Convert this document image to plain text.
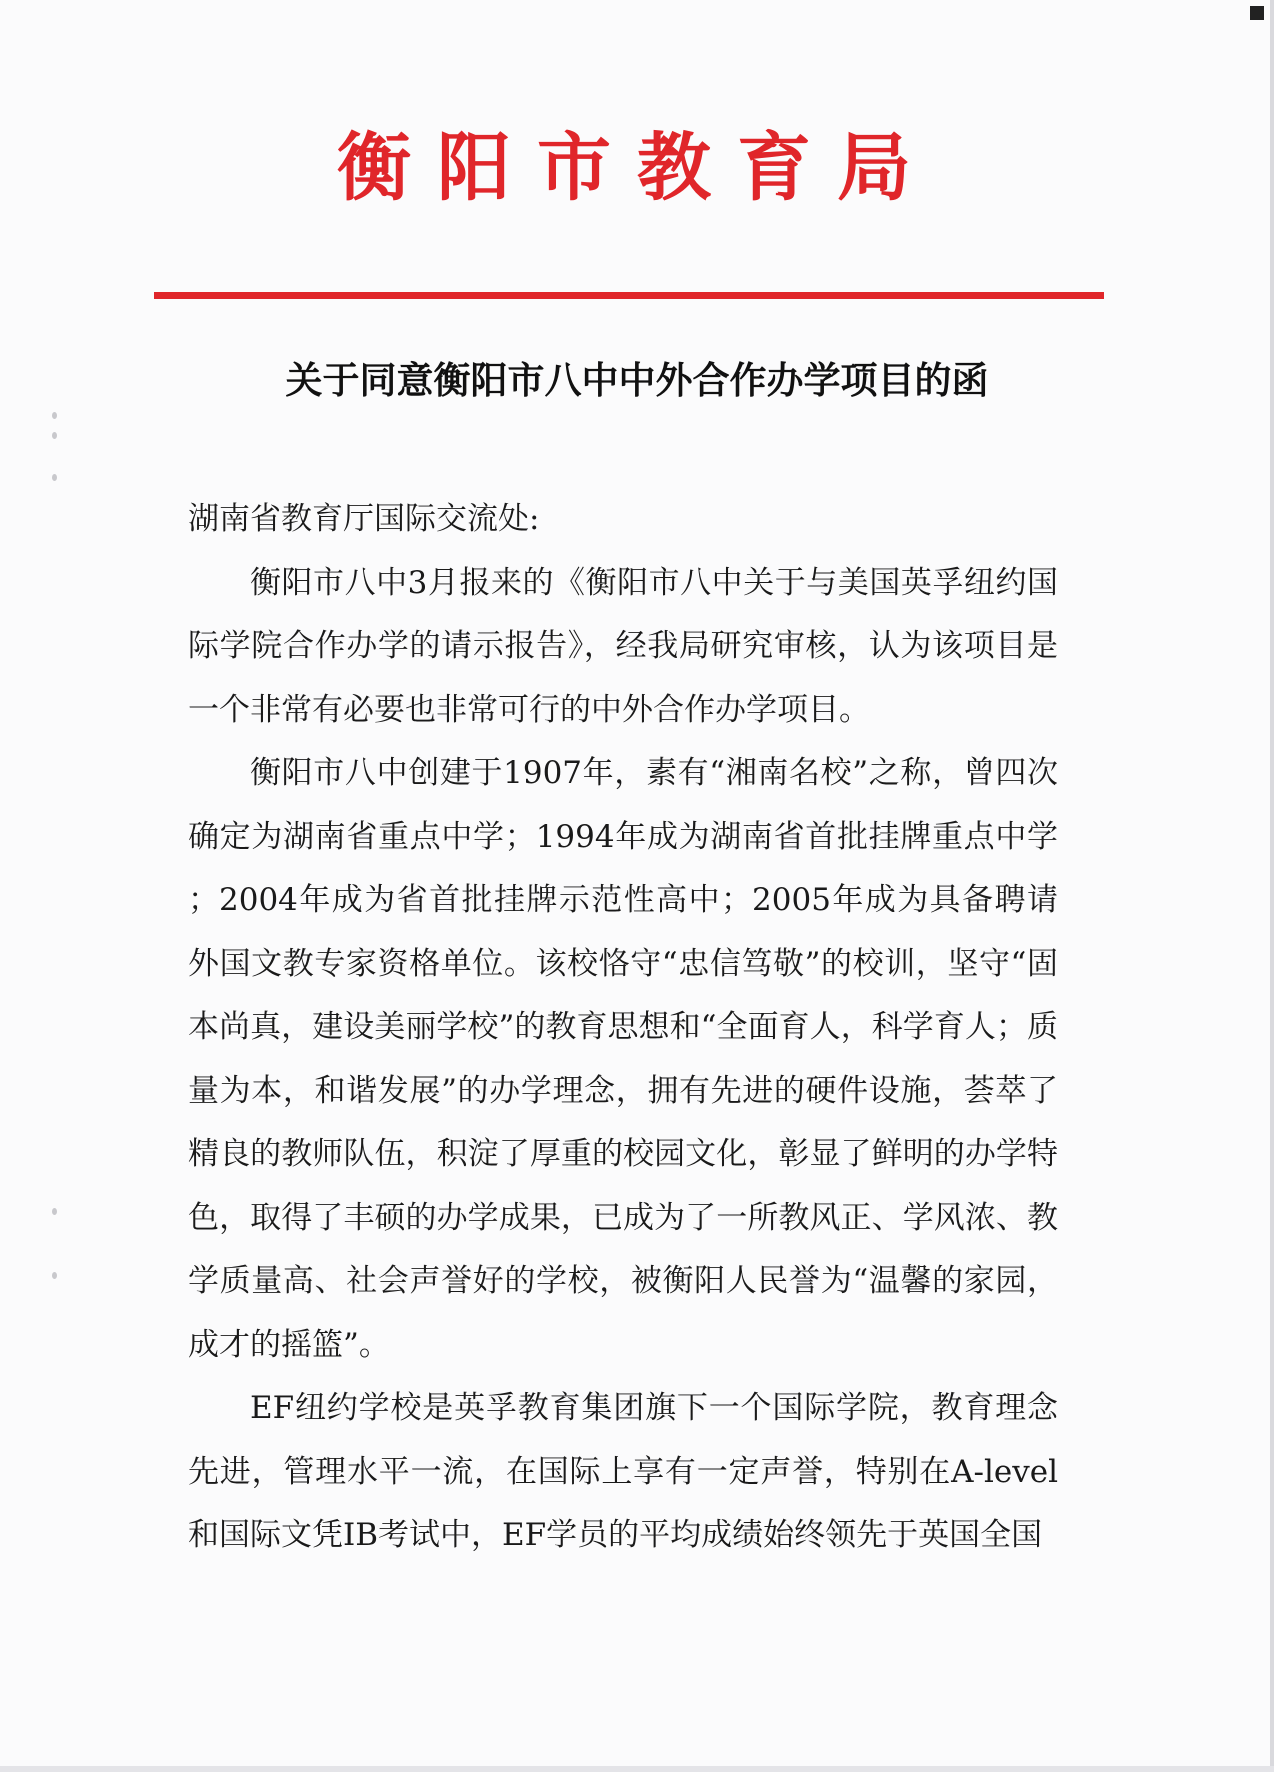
衡阳市教育局
关于同意衡阳市八中中外合作办学项目的函

湖南省教育厅国际交流处:

衡阳市八中3月报来的《衡阳市八中关于与美国英孚纽约国际学院合作办学的请示报告》，经我局研究审核，认为该项目是一个非常有必要也非常可行的中外合作办学项目。

衡阳市八中创建于1907年，素有“湘南名校”之称，曾四次确定为湖南省重点中学；1994年成为湖南省首批挂牌重点中学；2004年成为省首批挂牌示范性高中；2005年成为具备聘请外国文教专家资格单位。该校恪守“忠信笃敬”的校训，坚守“固本尚真，建设美丽学校”的教育思想和“全面育人，科学育人；质量为本，和谐发展”的办学理念，拥有先进的硬件设施，荟萃了精良的教师队伍，积淀了厚重的校园文化，彰显了鲜明的办学特色，取得了丰硕的办学成果，已成为了一所教风正、学风浓、教学质量高、社会声誉好的学校，被衡阳人民誉为“温馨的家园，成才的摇篮”。

EF纽约学校是英孚教育集团旗下一个国际学院，教育理念先进，管理水平一流，在国际上享有一定声誉，特别在A-level和国际文凭IB考试中，EF学员的平均成绩始终领先于英国全国
